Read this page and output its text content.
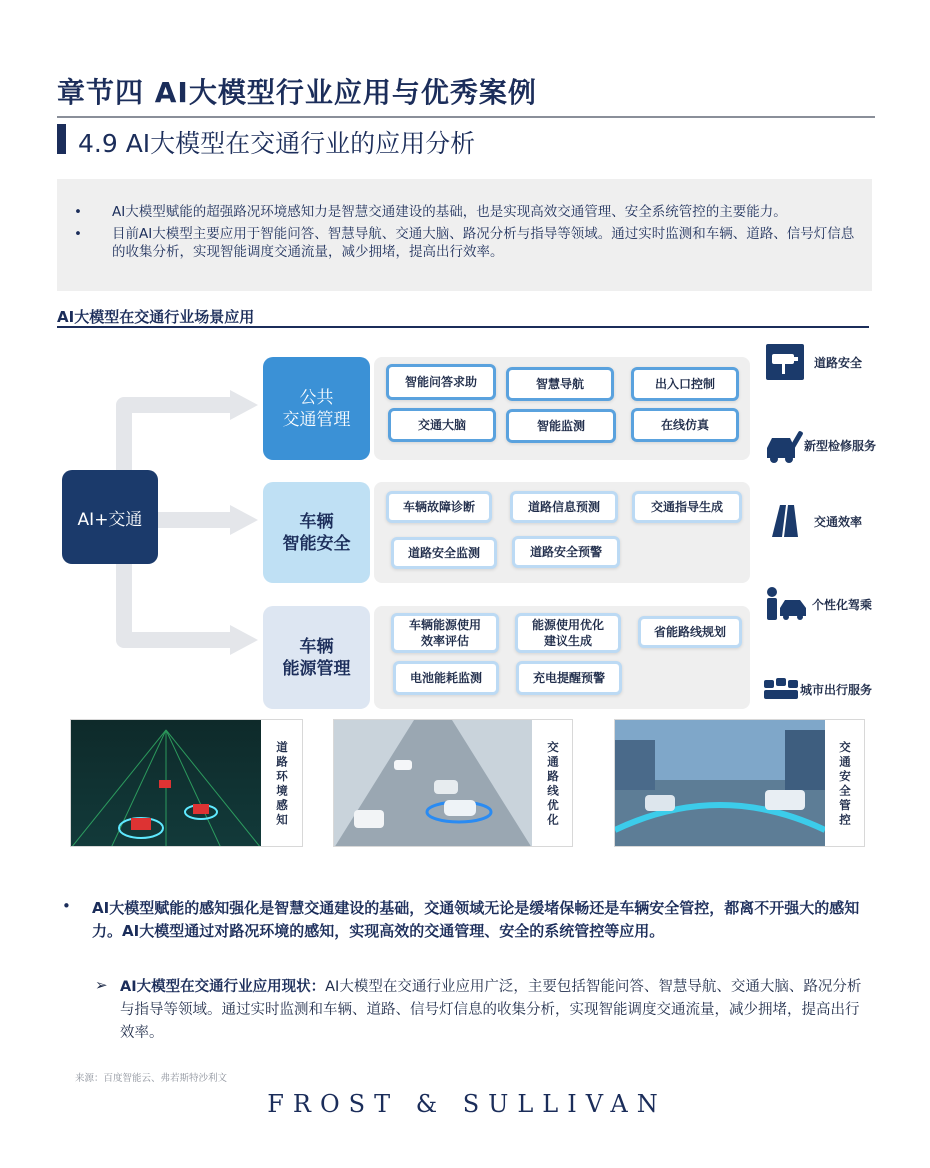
章节四 AI大模型行业应用与优秀案例
4.9 AI大模型在交通行业的应用分析
• AI大模型赋能的超强路况环境感知力是智慧交通建设的基础，也是实现高效交通管理、安全系统管控的主要能力。
• 目前AI大模型主要应用于智能问答、智慧导航、交通大脑、路况分析与指导等领域。通过实时监测和车辆、道路、信号灯信息的收集分析，实现智能调度交通流量，减少拥堵，提高出行效率。
AI大模型在交通行业场景应用
AI+交通
公共
交通管理
车辆
智能安全
车辆
能源管理
智能问答求助	智慧导航	出入口控制
交通大脑	智能监测	在线仿真
车辆故障诊断	道路信息预测	交通指导生成
道路安全监测	道路安全预警
车辆能源使用
效率评估
能源使用优化
建议生成
省能路线规划
电池能耗监测	充电提醒预警
道路安全
新型检修服务
交通效率
个性化驾乘
城市出行服务
道路环境感知	交通路线优化	交通安全管控
• AI大模型赋能的感知强化是智慧交通建设的基础，交通领域无论是缓堵保畅还是车辆安全管控，都离不开强大的感知力。AI大模型通过对路况环境的感知，实现高效的交通管理、安全的系统管控等应用。
➢ AI大模型在交通行业应用现状：AI大模型在交通行业应用广泛，主要包括智能问答、智慧导航、交通大脑、路况分析与指导等领域。通过实时监测和车辆、道路、信号灯信息的收集分析，实现智能调度交通流量，减少拥堵，提高出行效率。
来源：百度智能云、弗若斯特沙利文
FROST & SULLIVAN
